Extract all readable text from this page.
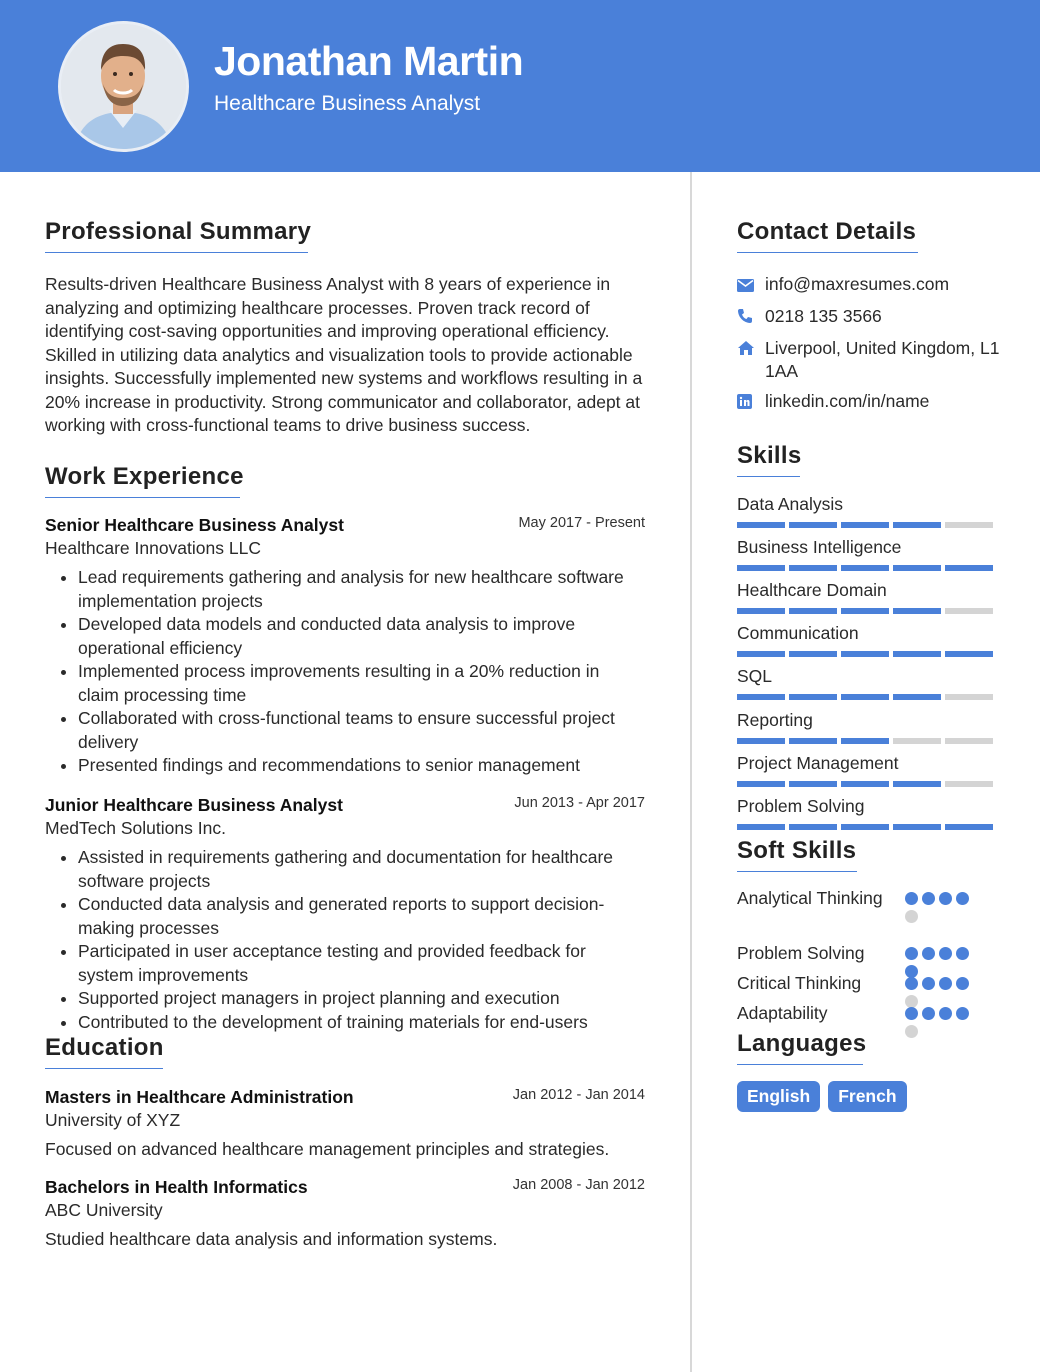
Jonathan Martin
Healthcare Business Analyst
Professional Summary
Results-driven Healthcare Business Analyst with 8 years of experience in analyzing and optimizing healthcare processes. Proven track record of identifying cost-saving opportunities and improving operational efficiency. Skilled in utilizing data analytics and visualization tools to provide actionable insights. Successfully implemented new systems and workflows resulting in a 20% increase in productivity. Strong communicator and collaborator, adept at working with cross-functional teams to drive business success.
Work Experience
Senior Healthcare Business Analyst	May 2017 - Present
Healthcare Innovations LLC
• Lead requirements gathering and analysis for new healthcare software implementation projects
• Developed data models and conducted data analysis to improve operational efficiency
• Implemented process improvements resulting in a 20% reduction in claim processing time
• Collaborated with cross-functional teams to ensure successful project delivery
• Presented findings and recommendations to senior management
Junior Healthcare Business Analyst	Jun 2013 - Apr 2017
MedTech Solutions Inc.
• Assisted in requirements gathering and documentation for healthcare software projects
• Conducted data analysis and generated reports to support decision-making processes
• Participated in user acceptance testing and provided feedback for system improvements
• Supported project managers in project planning and execution
• Contributed to the development of training materials for end-users
Education
Masters in Healthcare Administration	Jan 2012 - Jan 2014
University of XYZ
Focused on advanced healthcare management principles and strategies.
Bachelors in Health Informatics	Jan 2008 - Jan 2012
ABC University
Studied healthcare data analysis and information systems.
Contact Details
info@maxresumes.com
0218 135 3566
Liverpool, United Kingdom, L1 1AA
linkedin.com/in/name
Skills
Data Analysis
Business Intelligence
Healthcare Domain
Communication
SQL
Reporting
Project Management
Problem Solving
Soft Skills
Analytical Thinking
Problem Solving
Critical Thinking
Adaptability
Languages
English	French
